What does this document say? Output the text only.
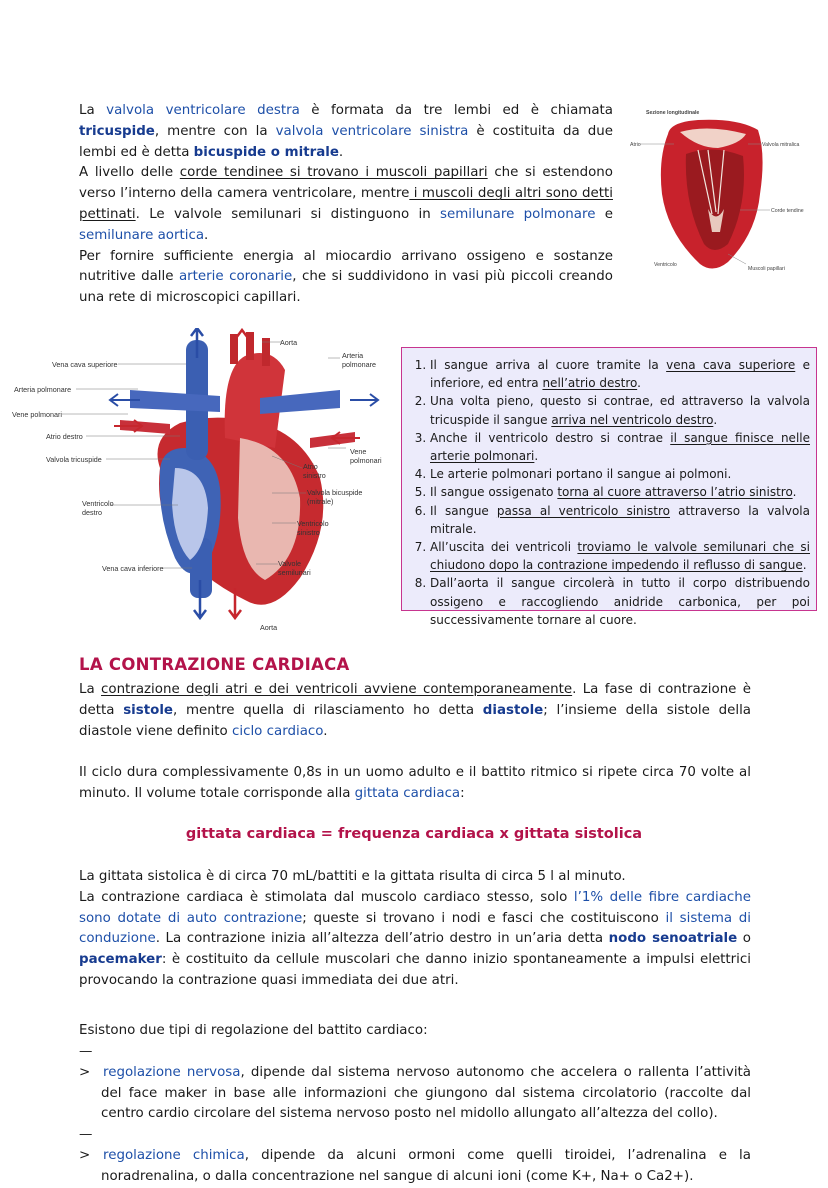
La valvola ventricolare destra è formata da tre lembi ed è chiamata tricuspide, mentre con la valvola ventricolare sinistra è costituita da due lembi ed è detta bicuspide o mitrale.

A livello delle corde tendinee si trovano i muscoli papillari che si estendono verso l’interno della camera ventricolare, mentre i muscoli degli altri sono detti pettinati. Le valvole semilunari si distinguono in semilunare polmonare e semilunare aortica.

Per fornire sufficiente energia al miocardio arrivano ossigeno e sostanze nutritive dalle arterie coronarie, che si suddividono in vasi più piccoli creando una rete di microscopici capillari.

Sezione longitudinale
Atrio	Valvola mitralica
Corde tendine
Ventricolo
Muscoli papillari
Aorta
Vena cava superiore
Arteria polmonare
Vene polmonari
Atrio destro
Valvola tricuspide
Ventricolo
destro
Vena cava inferiore
Arteria
polmonare
Vene
polmonari
Atrio
sinistro
Valvola bicuspide
(mitrale)
Ventricolo
sinistro
Valvole
semilunari
Aorta
1. Il sangue arriva al cuore tramite la vena cava superiore e inferiore, ed entra nell’atrio destro.
2. Una volta pieno, questo si contrae, ed attraverso la valvola tricuspide il sangue arriva nel ventricolo destro.
3. Anche il ventricolo destro si contrae il sangue finisce nelle arterie polmonari.
4. Le arterie polmonari portano il sangue ai polmoni.
5. Il sangue ossigenato torna al cuore attraverso l’atrio sinistro.
6. Il sangue passa al ventricolo sinistro attraverso la valvola mitrale.
7. All’uscita dei ventricoli troviamo le valvole semilunari che si chiudono dopo la contrazione impedendo il reflusso di sangue.
8. Dall’aorta il sangue circolerà in tutto il corpo distribuendo ossigeno e raccogliendo anidride carbonica, per poi successivamente tornare al cuore.
LA CONTRAZIONE CARDIACA

La contrazione degli atri e dei ventricoli avviene contemporaneamente. La fase di contrazione è detta sistole, mentre quella di rilasciamento ho detta diastole; l’insieme della sistole della diastole viene definito ciclo cardiaco.

Il ciclo dura complessivamente 0,8s in un uomo adulto e il battito ritmico si ripete circa 70 volte al minuto. Il volume totale corrisponde alla gittata cardiaca:

gittata cardiaca = frequenza cardiaca x gittata sistolica

La gittata sistolica è di circa 70 mL/battiti e la gittata risulta di circa 5 l al minuto.

La contrazione cardiaca è stimolata dal muscolo cardiaco stesso, solo l’1% delle fibre cardiache sono dotate di auto contrazione; queste si trovano i nodi e fasci che costituiscono il sistema di conduzione. La contrazione inizia all’altezza dell’atrio destro in un’aria detta nodo senoatriale o pacemaker: è costituito da cellule muscolari che danno inizio spontaneamente a impulsi elettrici provocando la contrazione quasi immediata dei due atri.

Esistono due tipi di regolazione del battito cardiaco:

—> regolazione nervosa, dipende dal sistema nervoso autonomo che accelera o rallenta l’attività del face maker in base alle informazioni che giungono dal sistema circolatorio (raccolte dal centro cardio circolare del sistema nervoso posto nel midollo allungato all’altezza del collo).

—> regolazione chimica, dipende da alcuni ormoni come quelli tiroidei, l’adrenalina e la noradrenalina, o dalla concentrazione nel sangue di alcuni ioni (come K+, Na+ o Ca2+).
